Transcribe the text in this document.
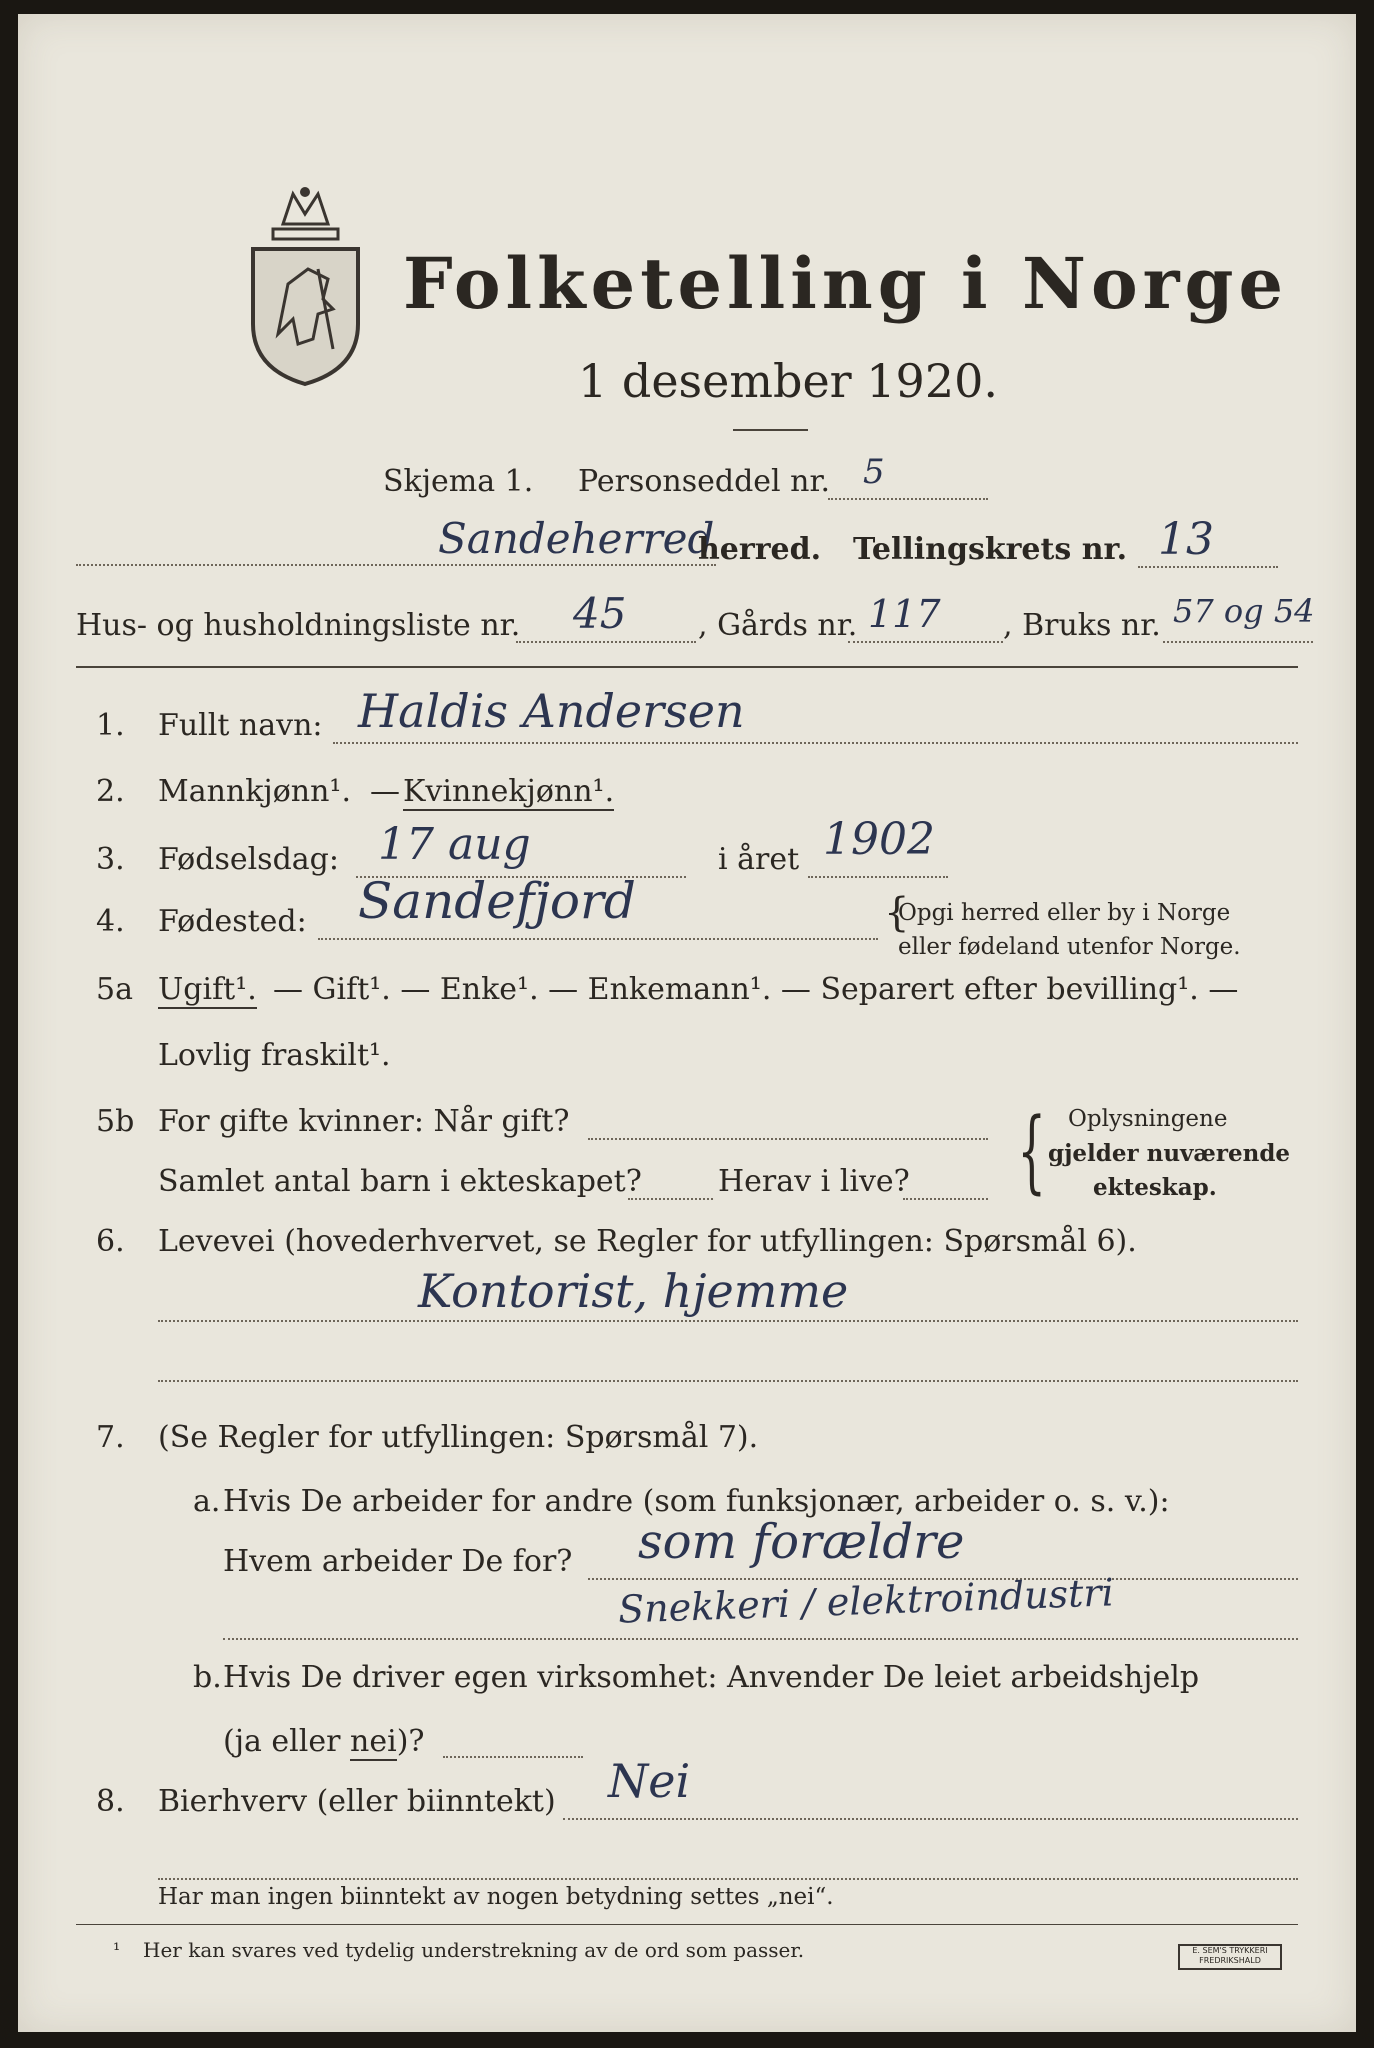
Folketelling i Norge
1 desember 1920.
Skjema 1. Personseddel nr. 5
Sandeherred
herred. Tellingskrets nr. 13
Hus- og husholdningsliste nr. 45 , Gårds nr. 117 , Bruks nr. 57 og 54
1. Fullt navn: Haldis Andersen
2. Mannkjønn¹. — Kvinnekjønn¹.
3. Fødselsdag: 17 aug	i året 1902
4. Fødested: Sandefjord	{
Opgi herred eller by i Norge
eller fødeland utenfor Norge.
5a Ugift¹. — Gift¹. — Enke¹. — Enkemann¹. — Separert efter bevilling¹. —
Lovlig fraskilt¹.
5b For gifte kvinner: Når gift?
Samlet antal barn i ekteskapet?	Herav i live? { Oplysningene
gjelder nuværende
ekteskap.
6. Levevei (hovederhvervet, se Regler for utfyllingen: Spørsmål 6).
Kontorist, hjemme
7. (Se Regler for utfyllingen: Spørsmål 7).
a. Hvis De arbeider for andre (som funksjonær, arbeider o. s. v.):
Hvem arbeider De for? som forældre
Snekkeri / elektroindustri
b. Hvis De driver egen virksomhet: Anvender De leiet arbeidshjelp
(ja eller nei)?
8. Bierhverv (eller biinntekt) Nei
Har man ingen biinntekt av nogen betydning settes „nei“.
¹ Her kan svares ved tydelig understrekning av de ord som passer.	E. SEM'S TRYKKERI
FREDRIKSHALD
